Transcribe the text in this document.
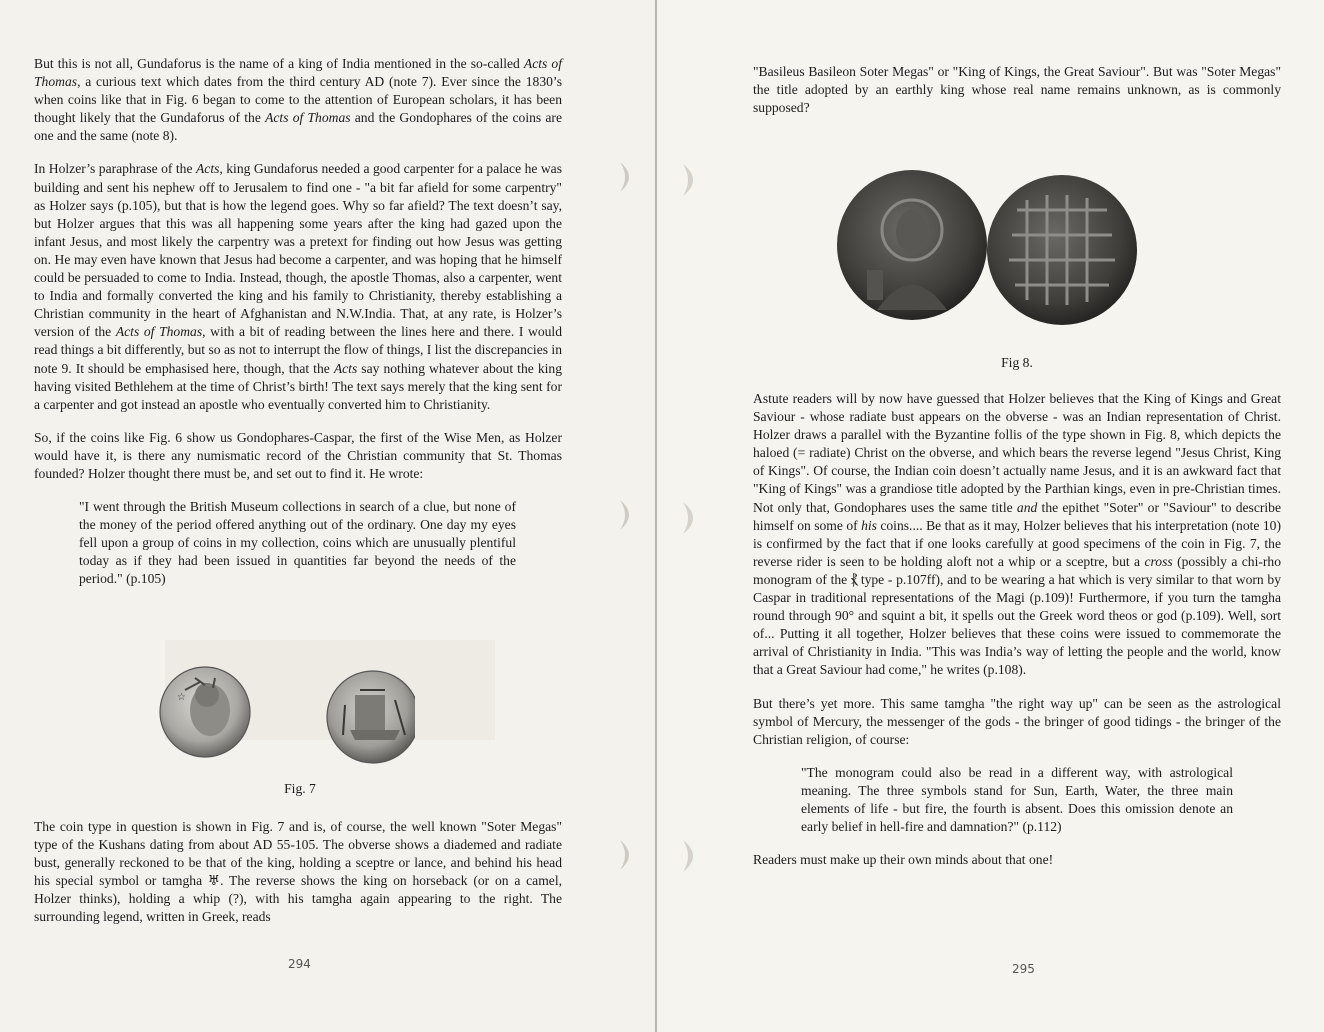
But this is not all, Gundaforus is the name of a king of India mentioned in the so-called Acts of Thomas, a curious text which dates from the third century AD (note 7). Ever since the 1830’s when coins like that in Fig. 6 began to come to the attention of European scholars, it has been thought likely that the Gundaforus of the Acts of Thomas and the Gondophares of the coins are one and the same (note 8).

In Holzer’s paraphrase of the Acts, king Gundaforus needed a good carpenter for a palace he was building and sent his nephew off to Jerusalem to find one - "a bit far afield for some carpentry" as Holzer says (p.105), but that is how the legend goes. Why so far afield? The text doesn’t say, but Holzer argues that this was all happening some years after the king had gazed upon the infant Jesus, and most likely the carpentry was a pretext for finding out how Jesus was getting on. He may even have known that Jesus had become a carpenter, and was hoping that he himself could be persuaded to come to India. Instead, though, the apostle Thomas, also a carpenter, went to India and formally converted the king and his family to Christianity, thereby establishing a Christian community in the heart of Afghanistan and N.W.India. That, at any rate, is Holzer’s version of the Acts of Thomas, with a bit of reading between the lines here and there. I would read things a bit differently, but so as not to interrupt the flow of things, I list the discrepancies in note 9. It should be emphasised here, though, that the Acts say nothing whatever about the king having visited Bethlehem at the time of Christ’s birth! The text says merely that the king sent for a carpenter and got instead an apostle who eventually converted him to Christianity.

So, if the coins like Fig. 6 show us Gondophares-Caspar, the first of the Wise Men, as Holzer would have it, is there any numismatic record of the Christian community that St. Thomas founded? Holzer thought there must be, and set out to find it. He wrote:

"I went through the British Museum collections in search of a clue, but none of the money of the period offered anything out of the ordinary. One day my eyes fell upon a group of coins in my collection, coins which are unusually plentiful today as if they had been issued in quantities far beyond the needs of the period." (p.105)
☆
Fig. 7

The coin type in question is shown in Fig. 7 and is, of course, the well known "Soter Megas" type of the Kushans dating from about AD 55-105. The obverse shows a diademed and radiate bust, generally reckoned to be that of the king, holding a sceptre or lance, and behind his head his special symbol or tamgha ♅. The reverse shows the king on horseback (or on a camel, Holzer thinks), holding a whip (?), with his tamgha again appearing to the right. The surrounding legend, written in Greek, reads

294

"Basileus Basileon Soter Megas" or "King of Kings, the Great Saviour". But was "Soter Megas" the title adopted by an earthly king whose real name remains unknown, as is commonly supposed?

Fig 8.

Astute readers will by now have guessed that Holzer believes that the King of Kings and Great Saviour - whose radiate bust appears on the obverse - was an Indian representation of Christ. Holzer draws a parallel with the Byzantine follis of the type shown in Fig. 8, which depicts the haloed (= radiate) Christ on the obverse, and which bears the reverse legend "Jesus Christ, King of Kings". Of course, the Indian coin doesn’t actually name Jesus, and it is an awkward fact that "King of Kings" was a grandiose title adopted by the Parthian kings, even in pre-Christian times. Not only that, Gondophares uses the same title and the epithet "Soter" or "Saviour" to describe himself on some of his coins.... Be that as it may, Holzer believes that his interpretation (note 10) is confirmed by the fact that if one looks carefully at good specimens of the coin in Fig. 7, the reverse rider is seen to be holding aloft not a whip or a sceptre, but a cross (possibly a chi-rho monogram of the ⳩ type - p.107ff), and to be wearing a hat which is very similar to that worn by Caspar in traditional representations of the Magi (p.109)! Furthermore, if you turn the tamgha round through 90° and squint a bit, it spells out the Greek word theos or god (p.109). Well, sort of... Putting it all together, Holzer believes that these coins were issued to commemorate the arrival of Christianity in India. "This was India’s way of letting the people and the world, know that a Great Saviour had come," he writes (p.108).

But there’s yet more. This same tamgha "the right way up" can be seen as the astrological symbol of Mercury, the messenger of the gods - the bringer of good tidings - the bringer of the Christian religion, of course:

"The monogram could also be read in a different way, with astrological meaning. The three symbols stand for Sun, Earth, Water, the three main elements of life - but fire, the fourth is absent. Does this omission denote an early belief in hell-fire and damnation?" (p.112)

Readers must make up their own minds about that one!

295
